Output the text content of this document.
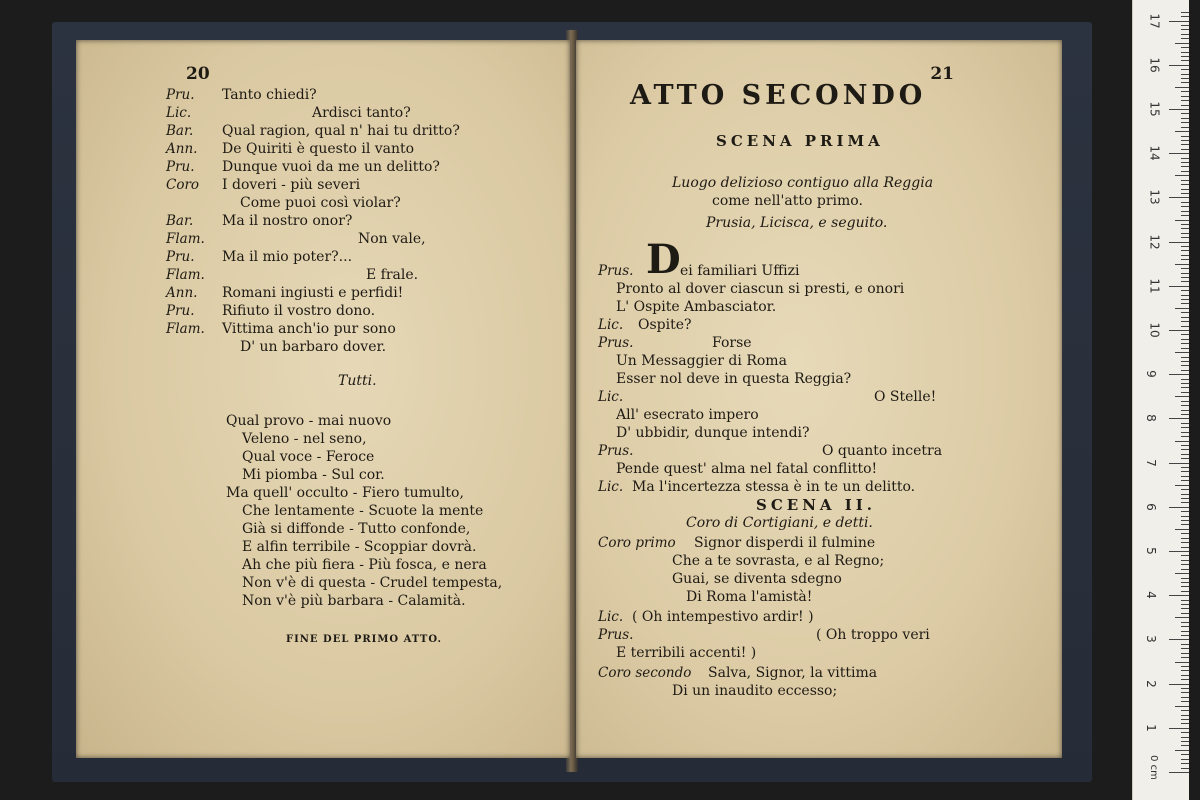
20
Pru. Tanto chiedi?
Lic.	Ardisci tanto?
Bar. Qual ragion, qual n' hai tu dritto?
Ann. De Quiriti è questo il vanto
Pru. Dunque vuoi da me un delitto?
Coro I doveri - più severi
Come puoi così violar?
Bar. Ma il nostro onor?
Flam.	Non vale,
Pru. Ma il mio poter?...
Flam.	E frale.
Ann. Romani ingiusti e perfidi!
Pru. Rifiuto il vostro dono.
Flam. Vittima anch'io pur sono
D' un barbaro dover.
Tutti.
Qual provo - mai nuovo
Veleno - nel seno,
Qual voce - Feroce
Mi piomba - Sul cor.
Ma quell' occulto - Fiero tumulto,
Che lentamente - Scuote la mente
Già si diffonde - Tutto confonde,
E alfin terribile - Scoppiar dovrà.
Ah che più fiera - Più fosca, e nera
Non v'è di questa - Crudel tempesta,
Non v'è più barbara - Calamità.
FINE DEL PRIMO ATTO.
21
ATTO SECONDO
SCENA PRIMA
Luogo delizioso contiguo alla Reggia
come nell'atto primo.
Prusia, Licisca, e seguito.
Prus. D ei familiari Uffizi
Pronto al dover ciascun si presti, e onori
L' Ospite Ambasciator.
Lic. Ospite?
Prus.	Forse
Un Messaggier di Roma
Esser nol deve in questa Reggia?
Lic.	O Stelle!
All' esecrato impero
D' ubbidir, dunque intendi?
Prus.	O quanto incetra
Pende quest' alma nel fatal conflitto!
Lic. Ma l'incertezza stessa è in te un delitto.
SCENA II.
Coro di Cortigiani, e detti.
Coro primo Signor disperdi il fulmine
Che a te sovrasta, e al Regno;
Guai, se diventa sdegno
Di Roma l'amistà!
Lic. ( Oh intempestivo ardir! )
Prus.	( Oh troppo veri
E terribili accenti! )
Coro secondo Salva, Signor, la vittima
Di un inaudito eccesso;
0 cm
1
2
3
4
5
6
7
8
9
10
11
12
13
14
15
16
17
